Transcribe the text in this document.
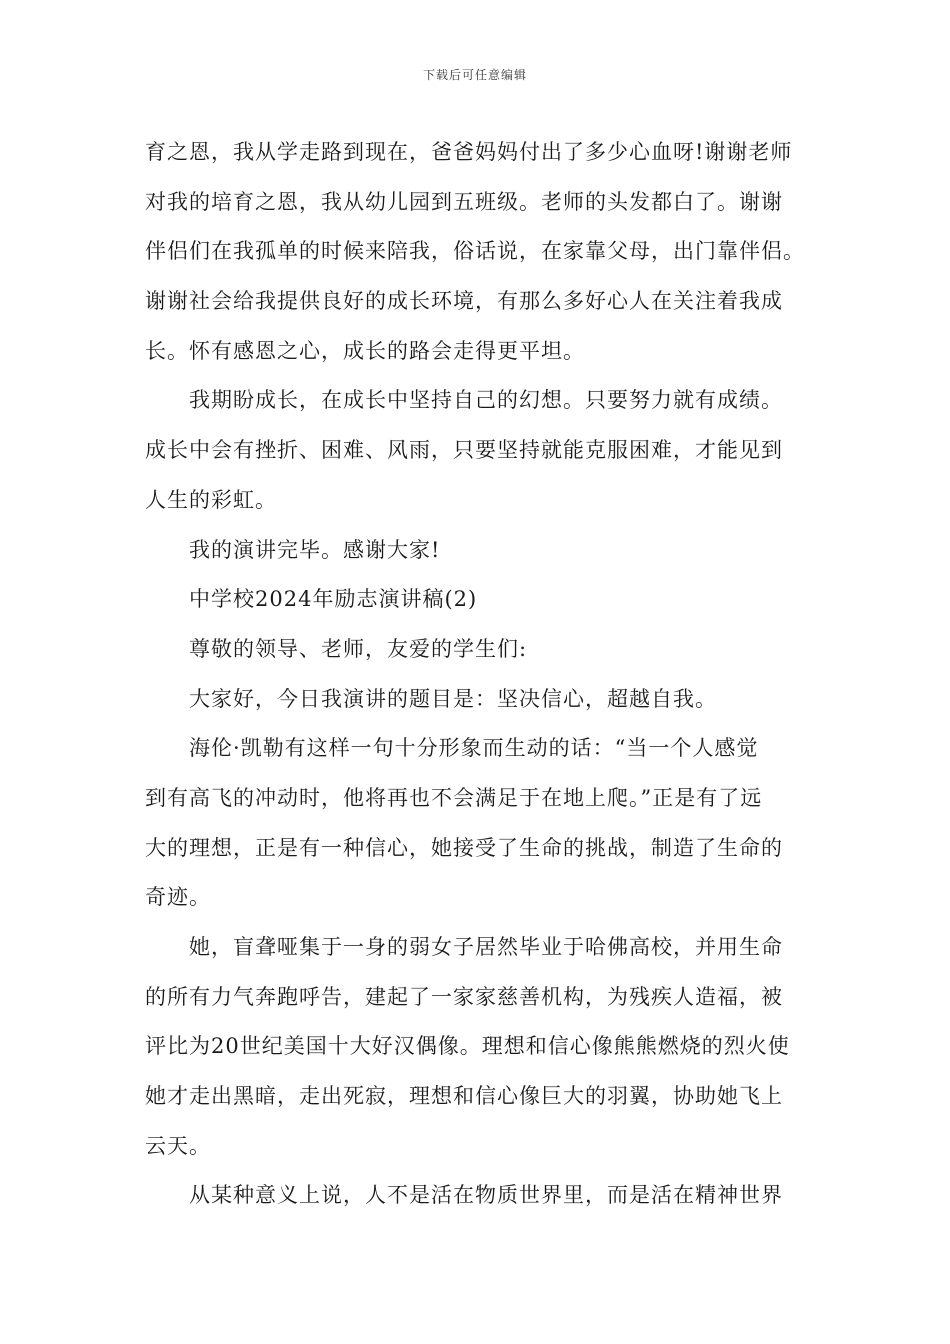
下载后可任意编辑
育之恩，我从学走路到现在，爸爸妈妈付出了多少心血呀!谢谢老师
对我的培育之恩，我从幼儿园到五班级。老师的头发都白了。谢谢
伴侣们在我孤单的时候来陪我，俗话说，在家靠父母，出门靠伴侣。
谢谢社会给我提供良好的成长环境，有那么多好心人在关注着我成
长。怀有感恩之心，成长的路会走得更平坦。
我期盼成长，在成长中坚持自己的幻想。只要努力就有成绩。
成长中会有挫折、困难、风雨，只要坚持就能克服困难，才能见到
人生的彩虹。
我的演讲完毕。感谢大家!
中学校2024年励志演讲稿(2)
尊敬的领导、老师，友爱的学生们:
大家好，今日我演讲的题目是：坚决信心，超越自我。
海伦·凯勒有这样一句十分形象而生动的话：“当一个人感觉
到有高飞的冲动时，他将再也不会满足于在地上爬。”正是有了远
大的理想，正是有一种信心，她接受了生命的挑战，制造了生命的
奇迹。
她，盲聋哑集于一身的弱女子居然毕业于哈佛高校，并用生命
的所有力气奔跑呼告，建起了一家家慈善机构，为残疾人造福，被
评比为20世纪美国十大好汉偶像。理想和信心像熊熊燃烧的烈火使
她才走出黑暗，走出死寂，理想和信心像巨大的羽翼，协助她飞上
云天。
从某种意义上说，人不是活在物质世界里，而是活在精神世界
